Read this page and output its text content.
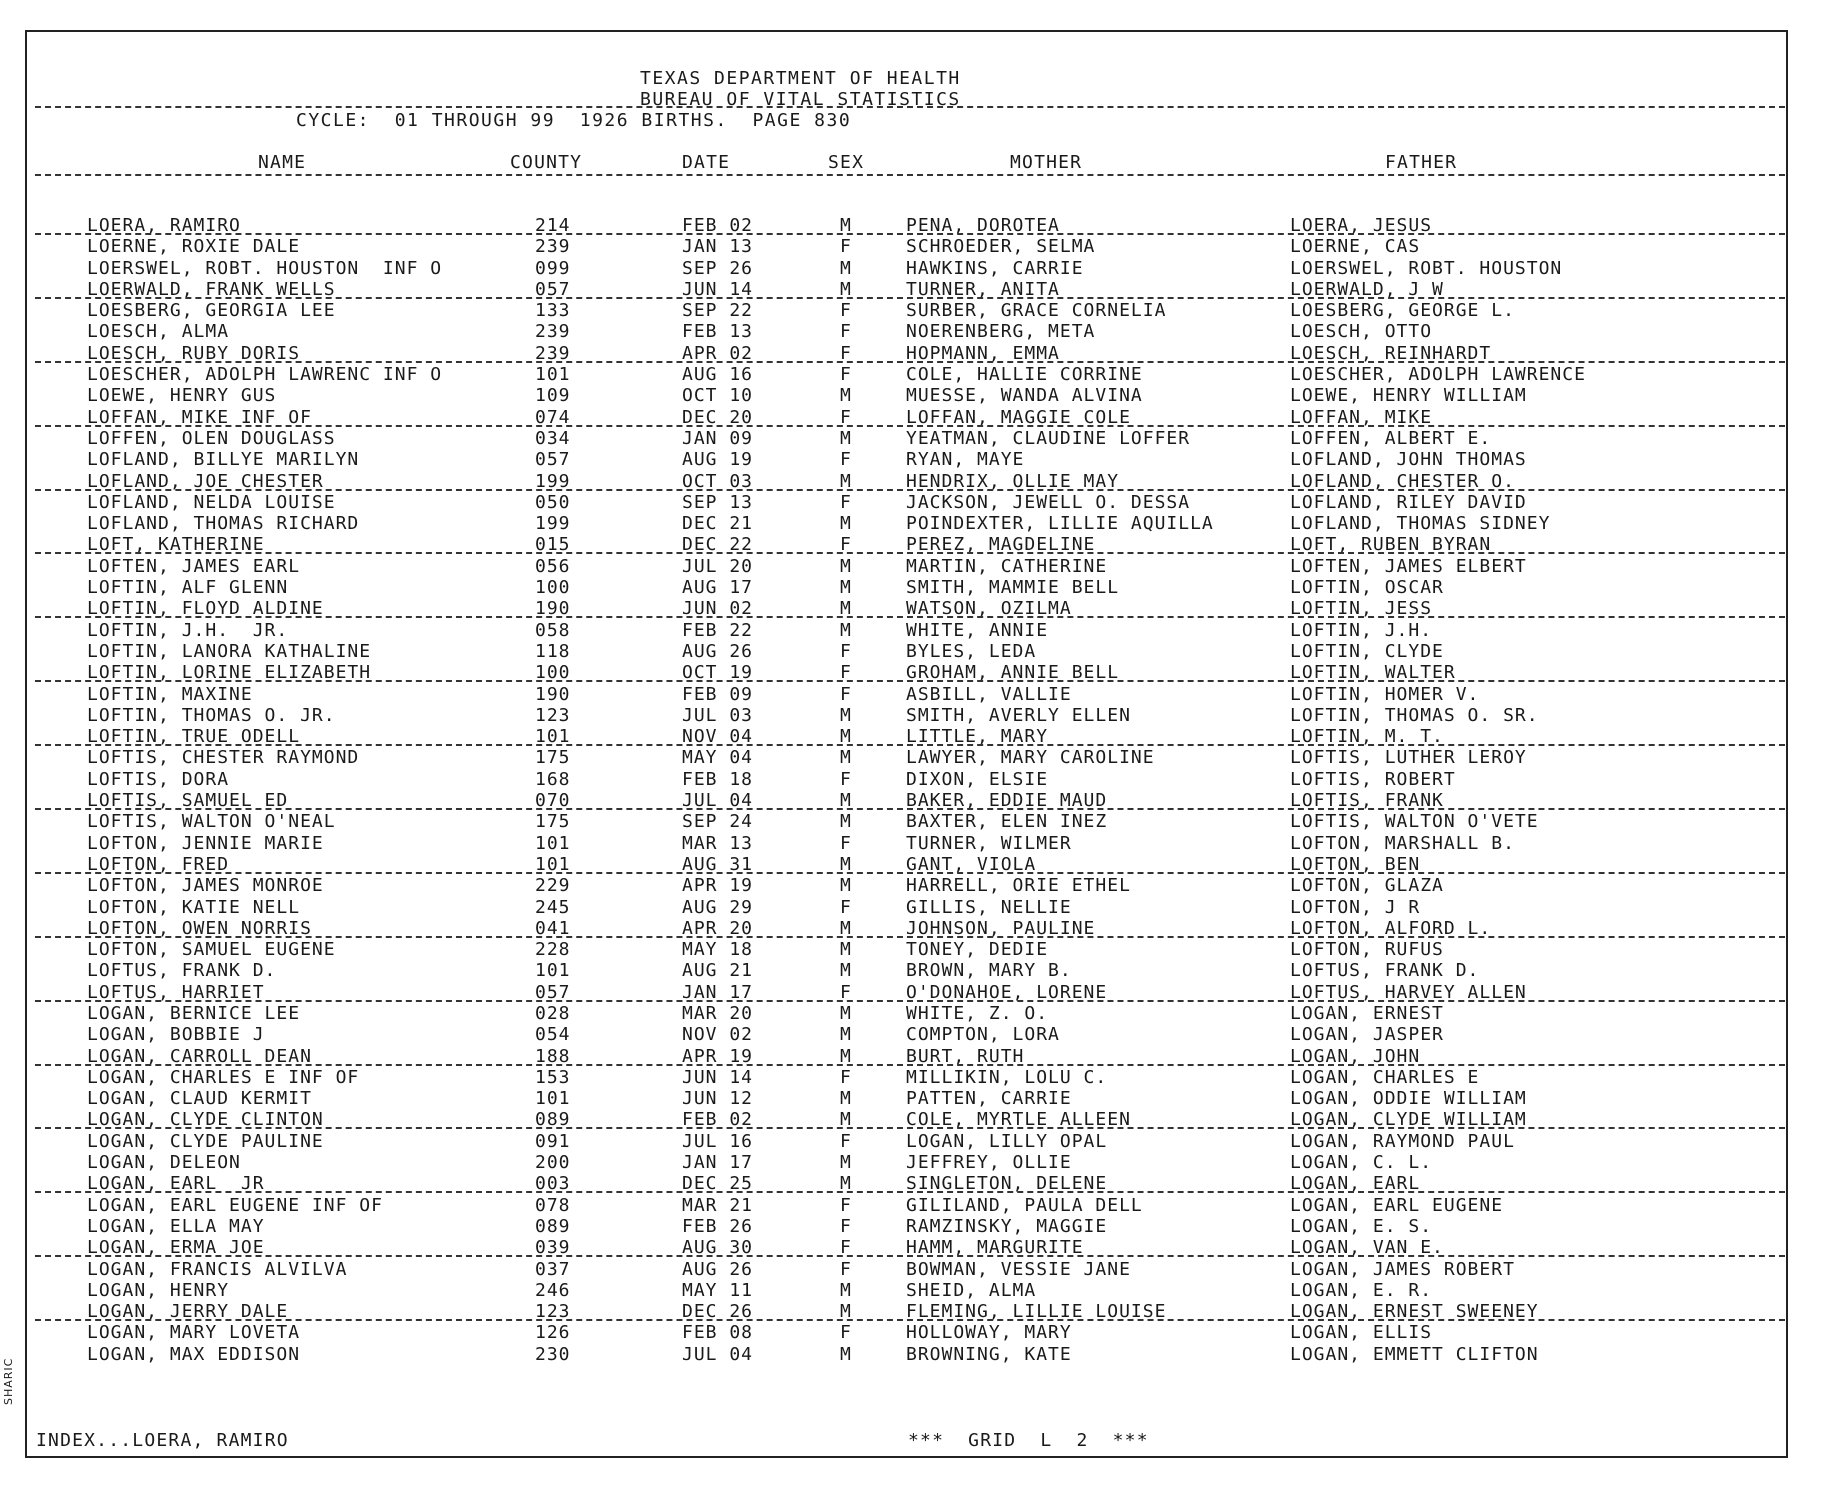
TEXAS DEPARTMENT OF HEALTH
BUREAU OF VITAL STATISTICS
CYCLE:  01 THROUGH 99  1926 BIRTHS.  PAGE 830
NAME	COUNTY	DATE	SEX	MOTHER	FATHER
LOERA, RAMIRO	214	FEB 02	M	PENA, DOROTEA	LOERA, JESUS
LOERNE, ROXIE DALE	239	JAN 13	F	SCHROEDER, SELMA	LOERNE, CAS
LOERSWEL, ROBT. HOUSTON  INF O	099	SEP 26	M	HAWKINS, CARRIE	LOERSWEL, ROBT. HOUSTON
LOERWALD, FRANK WELLS	057	JUN 14	M	TURNER, ANITA	LOERWALD, J W
LOESBERG, GEORGIA LEE	133	SEP 22	F	SURBER, GRACE CORNELIA	LOESBERG, GEORGE L.
LOESCH, ALMA	239	FEB 13	F	NOERENBERG, META	LOESCH, OTTO
LOESCH, RUBY DORIS	239	APR 02	F	HOPMANN, EMMA	LOESCH, REINHARDT
LOESCHER, ADOLPH LAWRENC INF O	101	AUG 16	F	COLE, HALLIE CORRINE	LOESCHER, ADOLPH LAWRENCE
LOEWE, HENRY GUS	109	OCT 10	M	MUESSE, WANDA ALVINA	LOEWE, HENRY WILLIAM
LOFFAN, MIKE INF OF	074	DEC 20	F	LOFFAN, MAGGIE COLE	LOFFAN, MIKE
LOFFEN, OLEN DOUGLASS	034	JAN 09	M	YEATMAN, CLAUDINE LOFFER	LOFFEN, ALBERT E.
LOFLAND, BILLYE MARILYN	057	AUG 19	F	RYAN, MAYE	LOFLAND, JOHN THOMAS
LOFLAND, JOE CHESTER	199	OCT 03	M	HENDRIX, OLLIE MAY	LOFLAND, CHESTER O.
LOFLAND, NELDA LOUISE	050	SEP 13	F	JACKSON, JEWELL O. DESSA	LOFLAND, RILEY DAVID
LOFLAND, THOMAS RICHARD	199	DEC 21	M	POINDEXTER, LILLIE AQUILLA	LOFLAND, THOMAS SIDNEY
LOFT, KATHERINE	015	DEC 22	F	PEREZ, MAGDELINE	LOFT, RUBEN BYRAN
LOFTEN, JAMES EARL	056	JUL 20	M	MARTIN, CATHERINE	LOFTEN, JAMES ELBERT
LOFTIN, ALF GLENN	100	AUG 17	M	SMITH, MAMMIE BELL	LOFTIN, OSCAR
LOFTIN, FLOYD ALDINE	190	JUN 02	M	WATSON, OZILMA	LOFTIN, JESS
LOFTIN, J.H.  JR.	058	FEB 22	M	WHITE, ANNIE	LOFTIN, J.H.
LOFTIN, LANORA KATHALINE	118	AUG 26	F	BYLES, LEDA	LOFTIN, CLYDE
LOFTIN, LORINE ELIZABETH	100	OCT 19	F	GROHAM, ANNIE BELL	LOFTIN, WALTER
LOFTIN, MAXINE	190	FEB 09	F	ASBILL, VALLIE	LOFTIN, HOMER V.
LOFTIN, THOMAS O. JR.	123	JUL 03	M	SMITH, AVERLY ELLEN	LOFTIN, THOMAS O. SR.
LOFTIN, TRUE ODELL	101	NOV 04	M	LITTLE, MARY	LOFTIN, M. T.
LOFTIS, CHESTER RAYMOND	175	MAY 04	M	LAWYER, MARY CAROLINE	LOFTIS, LUTHER LEROY
LOFTIS, DORA	168	FEB 18	F	DIXON, ELSIE	LOFTIS, ROBERT
LOFTIS, SAMUEL ED	070	JUL 04	M	BAKER, EDDIE MAUD	LOFTIS, FRANK
LOFTIS, WALTON O'NEAL	175	SEP 24	M	BAXTER, ELEN INEZ	LOFTIS, WALTON O'VETE
LOFTON, JENNIE MARIE	101	MAR 13	F	TURNER, WILMER	LOFTON, MARSHALL B.
LOFTON, FRED	101	AUG 31	M	GANT, VIOLA	LOFTON, BEN
LOFTON, JAMES MONROE	229	APR 19	M	HARRELL, ORIE ETHEL	LOFTON, GLAZA
LOFTON, KATIE NELL	245	AUG 29	F	GILLIS, NELLIE	LOFTON, J R
LOFTON, OWEN NORRIS	041	APR 20	M	JOHNSON, PAULINE	LOFTON, ALFORD L.
LOFTON, SAMUEL EUGENE	228	MAY 18	M	TONEY, DEDIE	LOFTON, RUFUS
LOFTUS, FRANK D.	101	AUG 21	M	BROWN, MARY B.	LOFTUS, FRANK D.
LOFTUS, HARRIET	057	JAN 17	F	O'DONAHOE, LORENE	LOFTUS, HARVEY ALLEN
LOGAN, BERNICE LEE	028	MAR 20	M	WHITE, Z. O.	LOGAN, ERNEST
LOGAN, BOBBIE J	054	NOV 02	M	COMPTON, LORA	LOGAN, JASPER
LOGAN, CARROLL DEAN	188	APR 19	M	BURT, RUTH	LOGAN, JOHN
LOGAN, CHARLES E INF OF	153	JUN 14	F	MILLIKIN, LOLU C.	LOGAN, CHARLES E
LOGAN, CLAUD KERMIT	101	JUN 12	M	PATTEN, CARRIE	LOGAN, ODDIE WILLIAM
LOGAN, CLYDE CLINTON	089	FEB 02	M	COLE, MYRTLE ALLEEN	LOGAN, CLYDE WILLIAM
LOGAN, CLYDE PAULINE	091	JUL 16	F	LOGAN, LILLY OPAL	LOGAN, RAYMOND PAUL
LOGAN, DELEON	200	JAN 17	M	JEFFREY, OLLIE	LOGAN, C. L.
LOGAN, EARL  JR	003	DEC 25	M	SINGLETON, DELENE	LOGAN, EARL
LOGAN, EARL EUGENE INF OF	078	MAR 21	F	GILILAND, PAULA DELL	LOGAN, EARL EUGENE
LOGAN, ELLA MAY	089	FEB 26	F	RAMZINSKY, MAGGIE	LOGAN, E. S.
LOGAN, ERMA JOE	039	AUG 30	F	HAMM, MARGURITE	LOGAN, VAN E.
LOGAN, FRANCIS ALVILVA	037	AUG 26	F	BOWMAN, VESSIE JANE	LOGAN, JAMES ROBERT
LOGAN, HENRY	246	MAY 11	M	SHEID, ALMA	LOGAN, E. R.
LOGAN, JERRY DALE	123	DEC 26	M	FLEMING, LILLIE LOUISE	LOGAN, ERNEST SWEENEY
LOGAN, MARY LOVETA	126	FEB 08	F	HOLLOWAY, MARY	LOGAN, ELLIS
LOGAN, MAX EDDISON	230	JUL 04	M	BROWNING, KATE	LOGAN, EMMETT CLIFTON
INDEX...LOERA, RAMIRO	***  GRID  L  2  ***
SHARIC
